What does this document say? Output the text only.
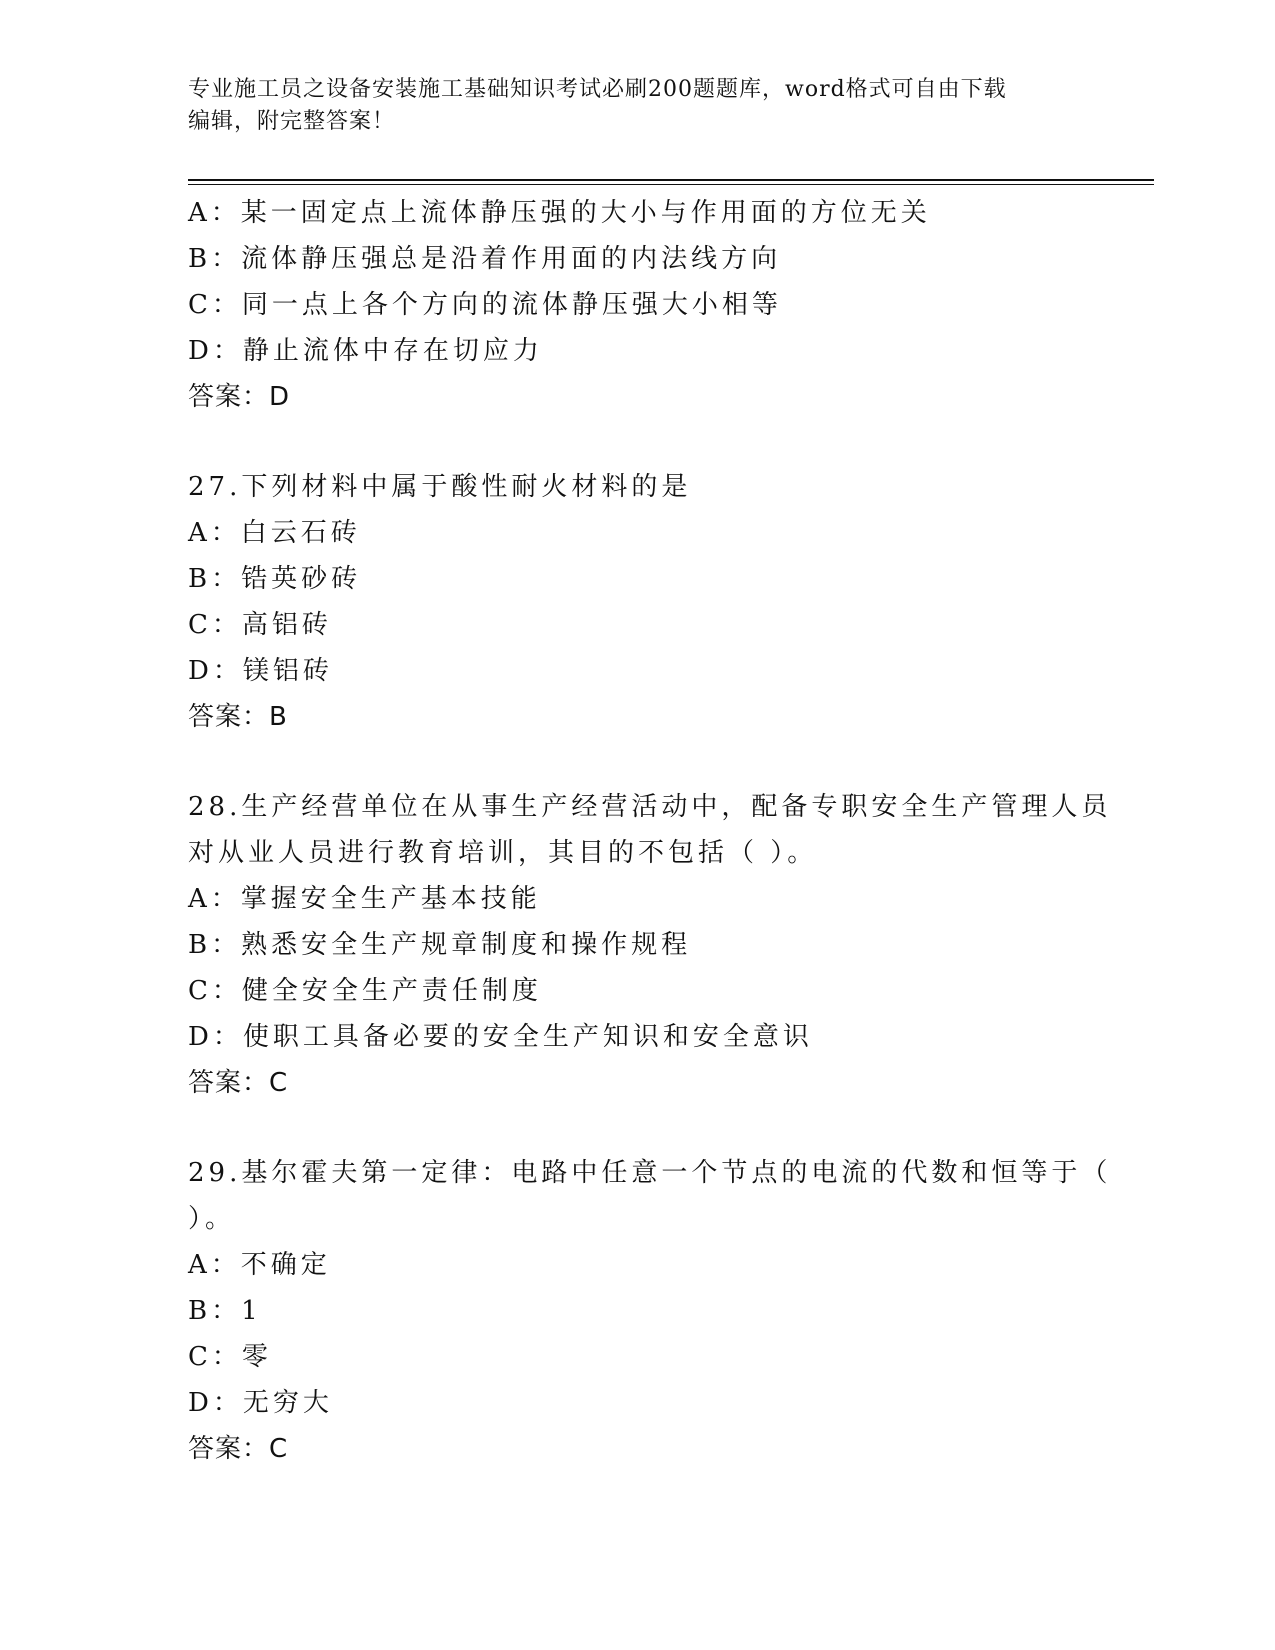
专业施工员之设备安装施工基础知识考试必刷200题题库，word格式可自由下载
编辑，附完整答案！
A：某一固定点上流体静压强的大小与作用面的方位无关
B：流体静压强总是沿着作用面的内法线方向
C：同一点上各个方向的流体静压强大小相等
D：静止流体中存在切应力
答案：D
27.下列材料中属于酸性耐火材料的是
A：白云石砖
B：锆英砂砖
C：高铝砖
D：镁铝砖
答案：B
28.生产经营单位在从事生产经营活动中，配备专职安全生产管理人员
对从业人员进行教育培训，其目的不包括（ ）。
A：掌握安全生产基本技能
B：熟悉安全生产规章制度和操作规程
C：健全安全生产责任制度
D：使职工具备必要的安全生产知识和安全意识
答案：C
29.基尔霍夫第一定律：电路中任意一个节点的电流的代数和恒等于（
）。
A：不确定
B：1
C：零
D：无穷大
答案：C
